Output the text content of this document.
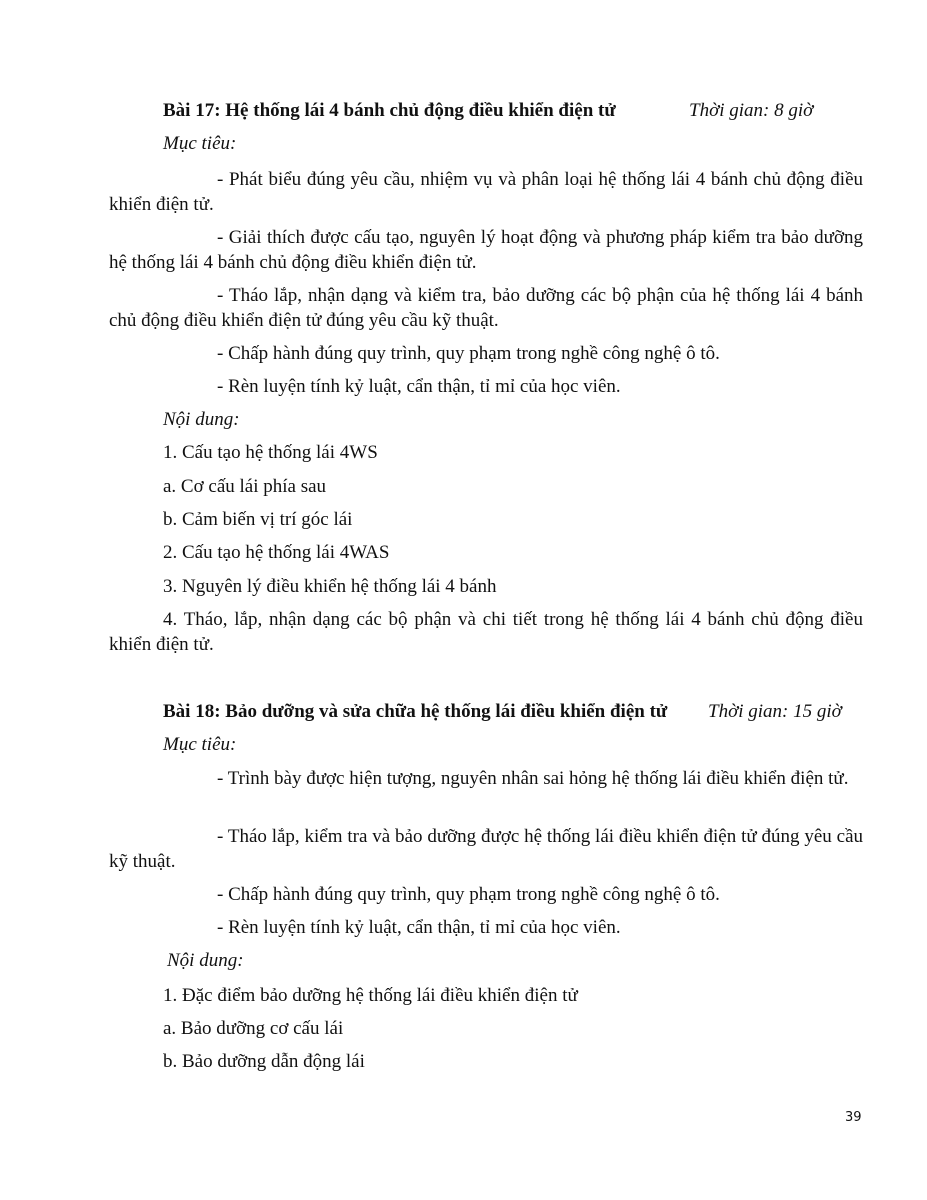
Bài 17: Hệ thống lái 4 bánh chủ động điều khiển điện tử	Thời gian: 8 giờ
Mục tiêu:

- Phát biểu đúng yêu cầu, nhiệm vụ và phân loại hệ thống lái 4 bánh chủ động điều khiển điện tử.

- Giải thích được cấu tạo, nguyên lý hoạt động và phương pháp kiểm tra bảo dưỡng hệ thống lái 4 bánh chủ động điều khiển điện tử.

- Tháo lắp, nhận dạng và kiểm tra, bảo dưỡng các bộ phận của hệ thống lái 4 bánh chủ động điều khiển điện tử đúng yêu cầu kỹ thuật.

- Chấp hành đúng quy trình, quy phạm trong nghề công nghệ ô tô.
- Rèn luyện tính kỷ luật, cẩn thận, tỉ mỉ của học viên.
Nội dung:
1. Cấu tạo hệ thống lái 4WS
a. Cơ cấu lái phía sau
b. Cảm biến vị trí góc lái
2. Cấu tạo hệ thống lái 4WAS
3. Nguyên lý điều khiển hệ thống lái 4 bánh

4. Tháo, lắp, nhận dạng các bộ phận và chi tiết trong hệ thống lái 4 bánh chủ động điều khiển điện tử.

Bài 18: Bảo dưỡng và sửa chữa hệ thống lái điều khiển điện tử Thời gian: 15 giờ
Mục tiêu:

- Trình bày được hiện tượng, nguyên nhân sai hỏng hệ thống lái điều khiển điện tử.

- Tháo lắp, kiểm tra và bảo dưỡng được hệ thống lái điều khiển điện tử đúng yêu cầu kỹ thuật.

- Chấp hành đúng quy trình, quy phạm trong nghề công nghệ ô tô.
- Rèn luyện tính kỷ luật, cẩn thận, tỉ mỉ của học viên.
Nội dung:
1. Đặc điểm bảo dưỡng hệ thống lái điều khiển điện tử
a. Bảo dưỡng cơ cấu lái
b. Bảo dưỡng dẫn động lái
39
